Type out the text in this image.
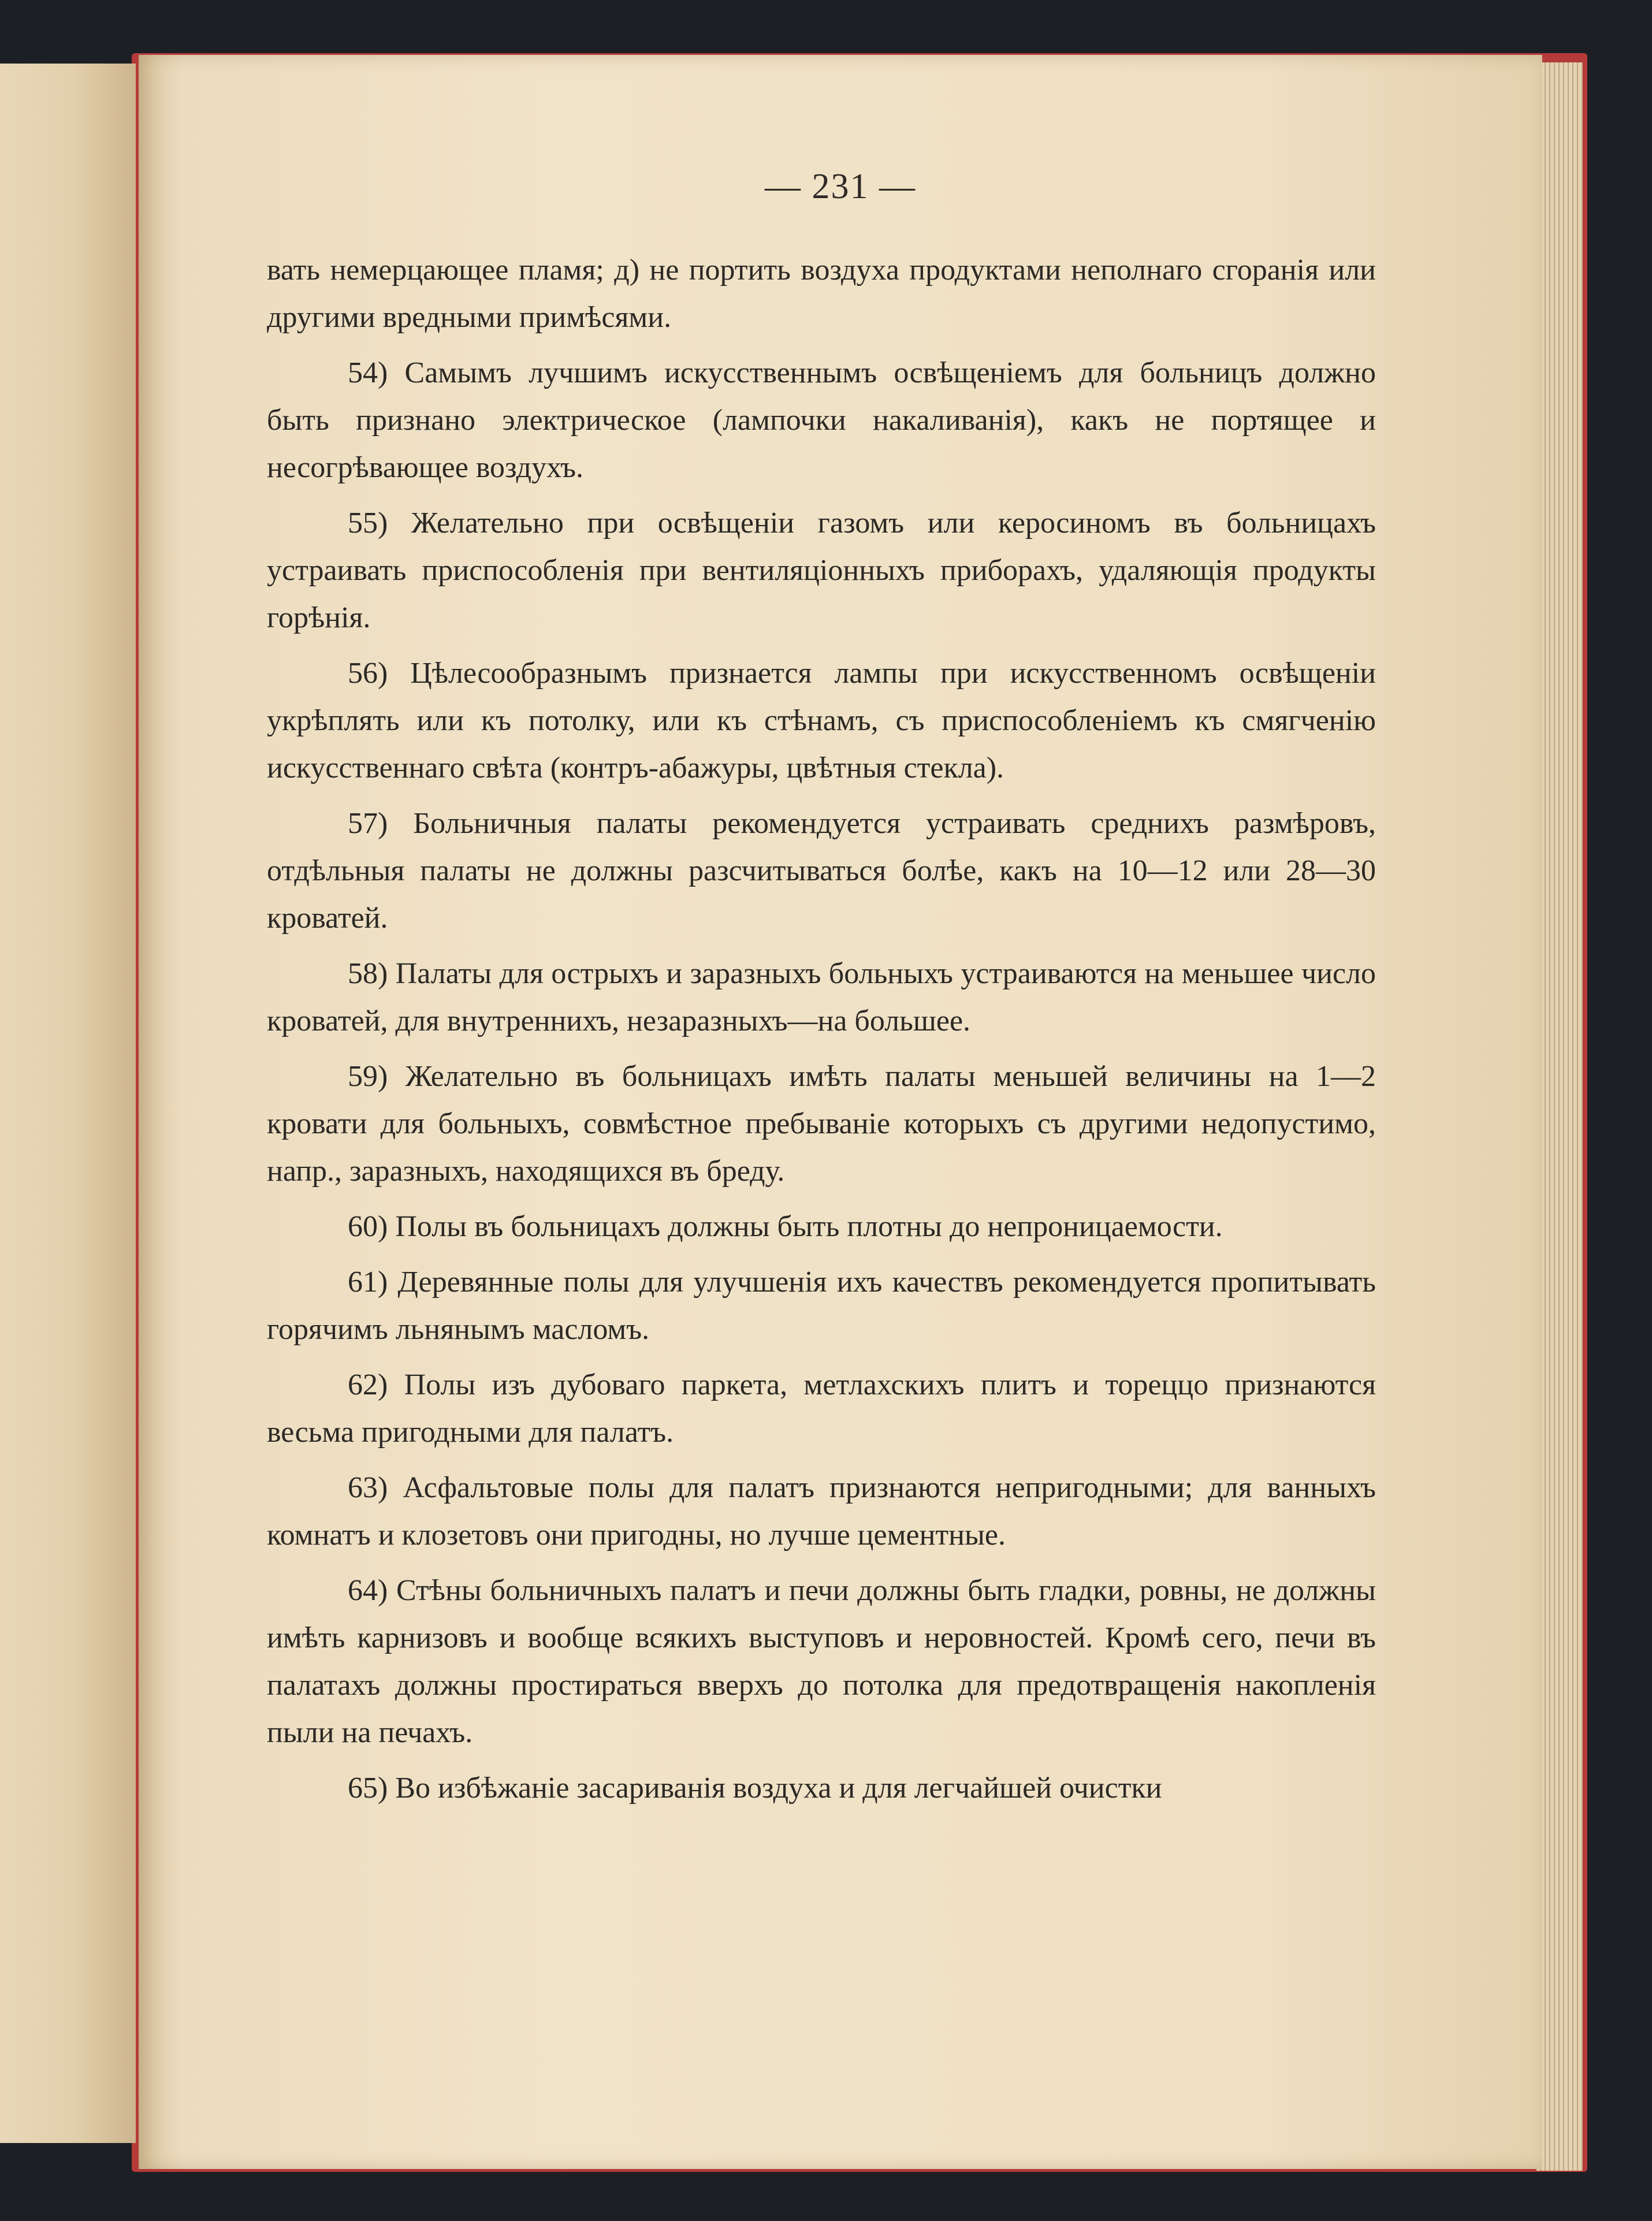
— 231 —

вать немерцающее пламя; д) не портить воздуха продуктами неполнаго сгоранія или другими вредными примѣсями.

54) Самымъ лучшимъ искусственнымъ освѣщеніемъ для больницъ должно быть признано электрическое (лампочки накаливанія), какъ не портящее и несогрѣвающее воздухъ.

55) Желательно при освѣщеніи газомъ или керосиномъ въ больницахъ устраивать приспособленія при вентиляціонныхъ приборахъ, удаляющія продукты горѣнія.

56) Цѣлесообразнымъ признается лампы при искусственномъ освѣщеніи укрѣплять или къ потолку, или къ стѣнамъ, съ приспособленіемъ къ смягченію искусственнаго свѣта (контръ-абажуры, цвѣтныя стекла).

57) Больничныя палаты рекомендуется устраивать среднихъ размѣровъ, отдѣльныя палаты не должны разсчитываться болѣе, какъ на 10—12 или 28—30 кроватей.

58) Палаты для острыхъ и заразныхъ больныхъ устраиваются на меньшее число кроватей, для внутреннихъ, незаразныхъ—на большее.

59) Желательно въ больницахъ имѣть палаты меньшей величины на 1—2 кровати для больныхъ, совмѣстное пребываніе которыхъ съ другими недопустимо, напр., заразныхъ, находящихся въ бреду.

60) Полы въ больницахъ должны быть плотны до непроницаемости.

61) Деревянные полы для улучшенія ихъ качествъ рекомендуется пропитывать горячимъ льнянымъ масломъ.

62) Полы изъ дубоваго паркета, метлахскихъ плитъ и тореццо признаются весьма пригодными для палатъ.

63) Асфальтовые полы для палатъ признаются непригодными; для ванныхъ комнатъ и клозетовъ они пригодны, но лучше цементные.

64) Стѣны больничныхъ палатъ и печи должны быть гладки, ровны, не должны имѣть карнизовъ и вообще всякихъ выступовъ и неровностей. Кромѣ сего, печи въ палатахъ должны простираться вверхъ до потолка для предотвращенія накопленія пыли на печахъ.

65) Во избѣжаніе засариванія воздуха и для легчайшей очистки
